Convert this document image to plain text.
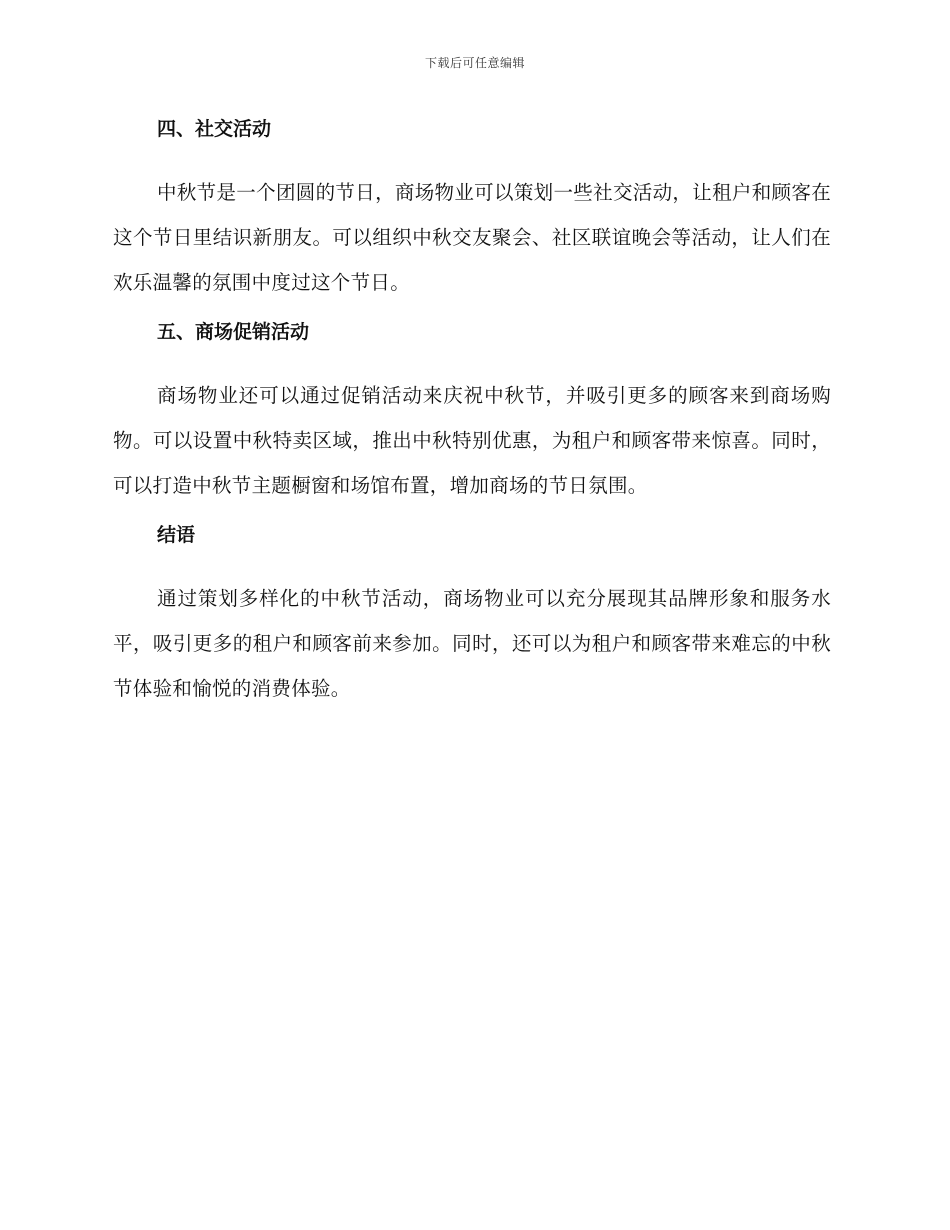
下载后可任意编辑
四、社交活动

中秋节是一个团圆的节日，商场物业可以策划一些社交活动，让租户和顾客在这个节日里结识新朋友。可以组织中秋交友聚会、社区联谊晚会等活动，让人们在欢乐温馨的氛围中度过这个节日。

五、商场促销活动

商场物业还可以通过促销活动来庆祝中秋节，并吸引更多的顾客来到商场购物。可以设置中秋特卖区域，推出中秋特别优惠，为租户和顾客带来惊喜。同时，可以打造中秋节主题橱窗和场馆布置，增加商场的节日氛围。

结语

通过策划多样化的中秋节活动，商场物业可以充分展现其品牌形象和服务水平，吸引更多的租户和顾客前来参加。同时，还可以为租户和顾客带来难忘的中秋节体验和愉悦的消费体验。
